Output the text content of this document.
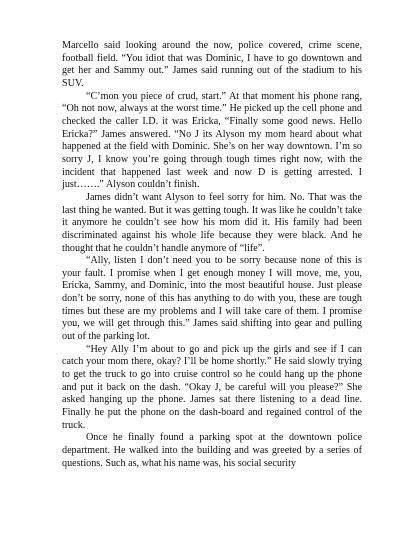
Marcello said looking around the now, police covered, crime scene, football field. “You idiot that was Dominic, I have to go downtown and get her and Sammy out.” James said running out of the stadium to his SUV.

“C’mon you piece of crud, start.” At that moment his phone rang, “Oh not now, always at the worst time.” He picked up the cell phone and checked the caller I.D. it was Ericka, “Finally some good news. Hello Ericka?” James answered. “No J its Alyson my mom heard about what happened at the field with Dominic. She’s on her way downtown. I’m so sorry J, I know you’re going through tough times right now, with the incident that happened last week and now D is getting arrested. I just…….” Alyson couldn’t finish.

James didn’t want Alyson to feel sorry for him. No. That was the last thing he wanted. But it was getting tough. It was like he couldn’t take it anymore he couldn’t see how his mom did it. His family had been discriminated against his whole life because they were black. And he thought that he couldn’t handle anymore of “life”.

“Ally, listen I don’t need you to be sorry because none of this is your fault. I promise when I get enough money I will move, me, you, Ericka, Sammy, and Dominic, into the most beautiful house. Just please don’t be sorry, none of this has anything to do with you, these are tough times but these are my problems and I will take care of them. I promise you, we will get through this.” James said shifting into gear and pulling out of the parking lot.

“Hey Ally I’m about to go and pick up the girls and see if I can catch your mom there, okay? I’ll be home shortly.” He said slowly trying to get the truck to go into cruise control so he could hang up the phone and put it back on the dash. “Okay J, be careful will you please?” She asked hanging up the phone. James sat there listening to a dead line. Finally he put the phone on the dash-board and regained control of the truck.

Once he finally found a parking spot at the downtown police department. He walked into the building and was greeted by a series of questions. Such as, what his name was, his social security
